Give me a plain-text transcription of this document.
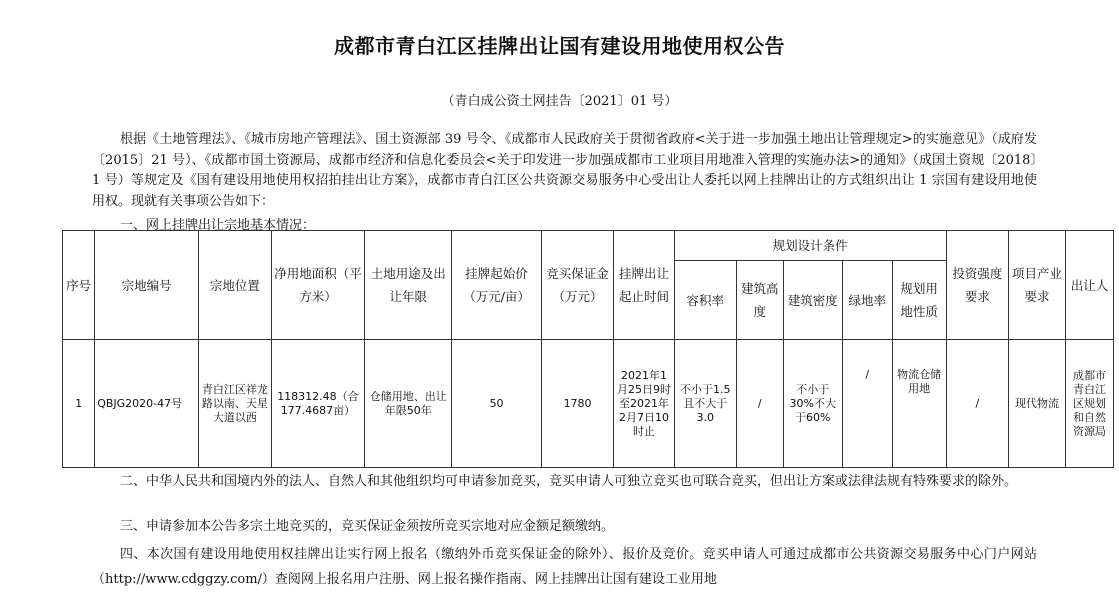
成都市青白江区挂牌出让国有建设用地使用权公告
（青白成公资土网挂告〔2021〕01 号）
根据《土地管理法》、《城市房地产管理法》、国土资源部 39 号令、《成都市人民政府关于贯彻省政府<关于进一步加强土地出让管理规定>的实施意见》（成府发〔2015〕21 号）、《成都市国土资源局、成都市经济和信息化委员会<关于印发进一步加强成都市工业项目用地准入管理的实施办法>的通知》（成国土资规〔2018〕1 号）等规定及《国有建设用地使用权招拍挂出让方案》，成都市青白江区公共资源交易服务中心受出让人委托以网上挂牌出让的方式组织出让 1 宗国有建设用地使用权。现就有关事项公告如下：
一、网上挂牌出让宗地基本情况：
序号	宗地编号	宗地位置	净用地面积（平方米）	土地用途及出让年限	挂牌起始价（万元/亩）	竞买保证金（万元）	挂牌出让起止时间	规划设计条件					投资强度要求	项目产业要求	出让人
								容积率	建筑高度	建筑密度	绿地率	规划用地性质			
1	QBJG2020-47号	青白江区祥龙路以南、天星大道以西	118312.48（合177.4687亩）	仓储用地、出让年限50年	50	1780	2021年1月25日9时至2021年2月7日10时止	不小于1.5且不大于3.0	/	不小于30%不大于60%	/	物流仓储用地	/	现代物流	成都市青白江区规划和自然资源局
二、中华人民共和国境内外的法人、自然人和其他组织均可申请参加竞买，竞买申请人可独立竞买也可联合竞买，但出让方案或法律法规有特殊要求的除外。
三、申请参加本公告多宗土地竞买的，竞买保证金须按所竞买宗地对应金额足额缴纳。
四、本次国有建设用地使用权挂牌出让实行网上报名（缴纳外币竞买保证金的除外）、报价及竞价。竞买申请人可通过成都市公共资源交易服务中心门户网站（http://www.cdggzy.com/）查阅网上报名用户注册、网上报名操作指南、网上挂牌出让国有建设工业用地
